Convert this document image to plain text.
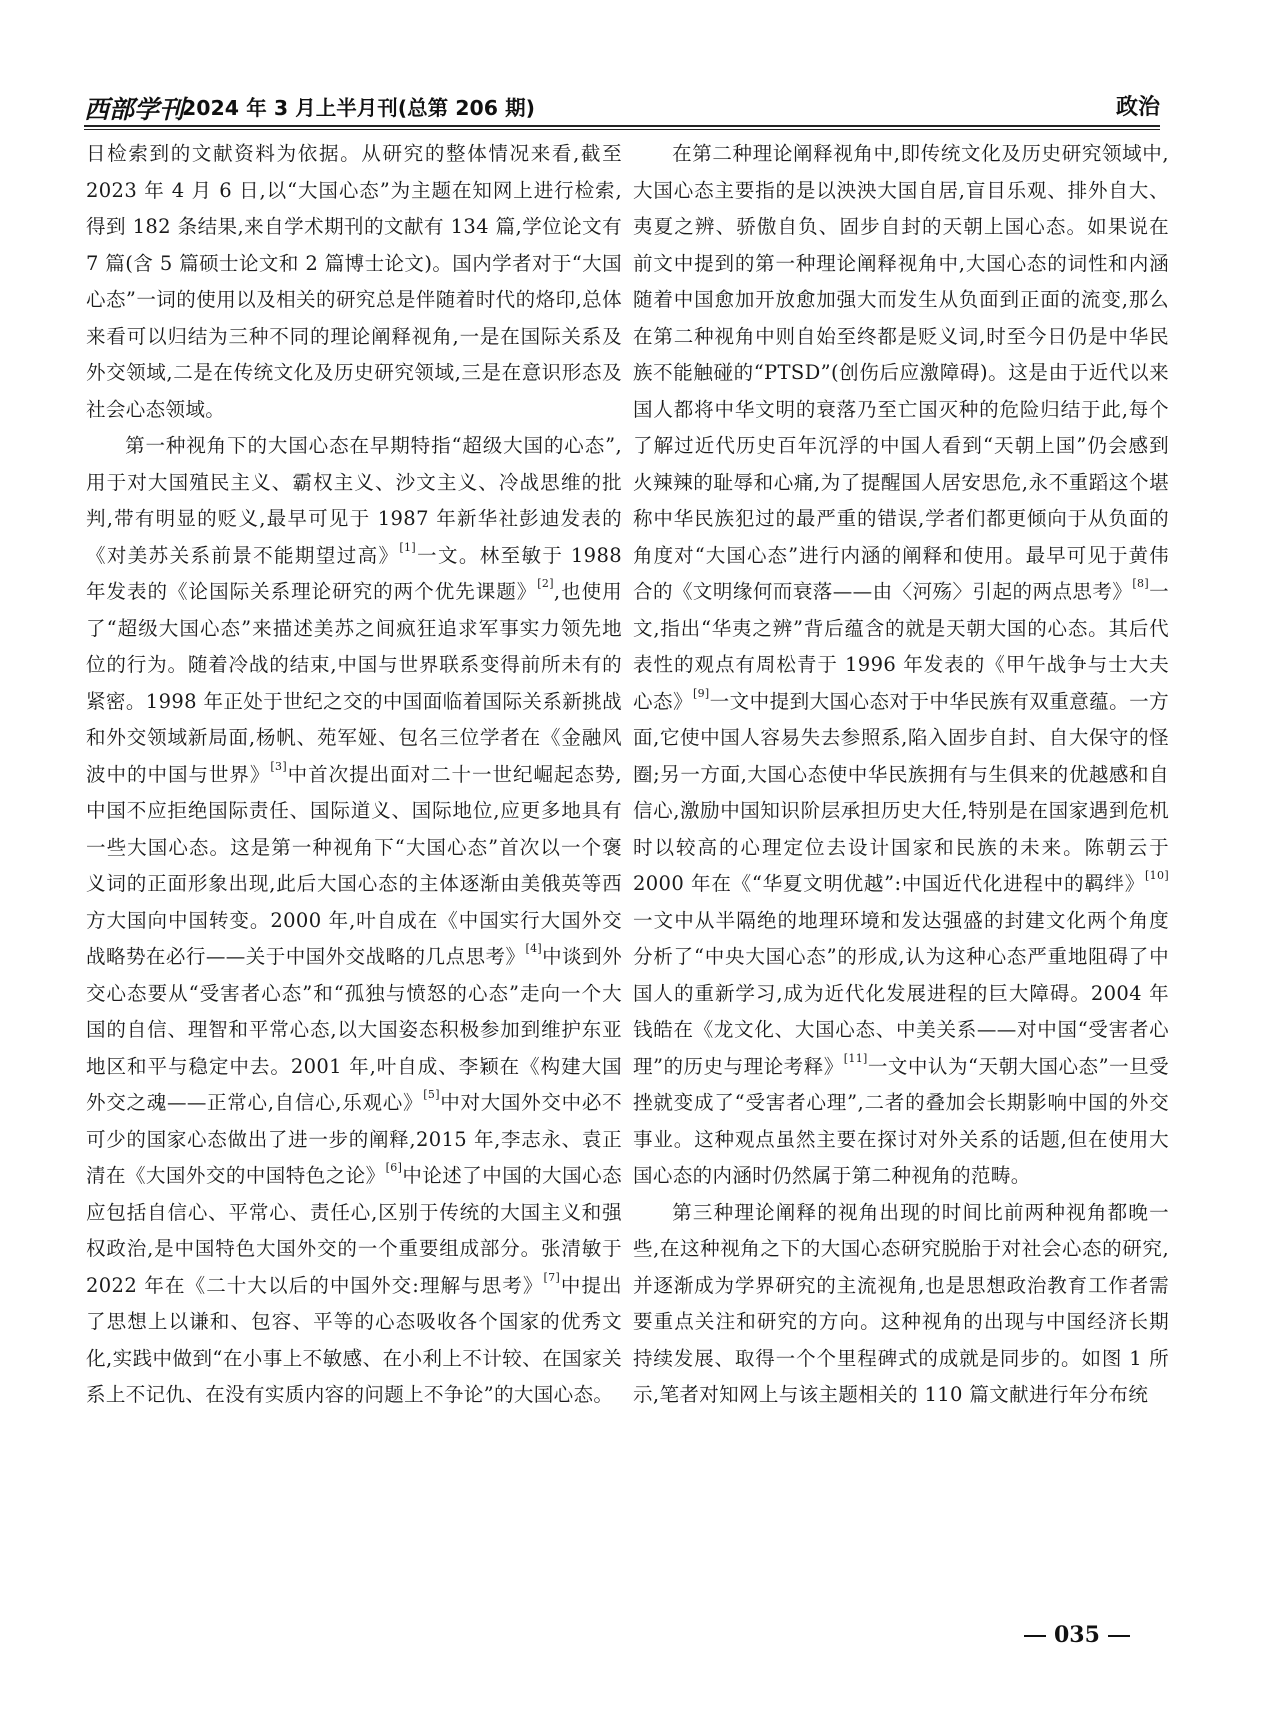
西部学刊
2024 年 3 月上半月刊(总第 206 期)	政治

日检索到的文献资料为依据。从研究的整体情况来看,截至 2023 年 4 月 6 日,以“大国心态”为主题在知网上进行检索,得到 182 条结果,来自学术期刊的文献有 134 篇,学位论文有 7 篇(含 5 篇硕士论文和 2 篇博士论文)。国内学者对于“大国心态”一词的使用以及相关的研究总是伴随着时代的烙印,总体来看可以归结为三种不同的理论阐释视角,一是在国际关系及外交领域,二是在传统文化及历史研究领域,三是在意识形态及社会心态领域。

第一种视角下的大国心态在早期特指“超级大国的心态”,用于对大国殖民主义、霸权主义、沙文主义、冷战思维的批判,带有明显的贬义,最早可见于 1987 年新华社彭迪发表的《对美苏关系前景不能期望过高》[1]一文。林至敏于 1988 年发表的《论国际关系理论研究的两个优先课题》[2],也使用了“超级大国心态”来描述美苏之间疯狂追求军事实力领先地位的行为。随着冷战的结束,中国与世界联系变得前所未有的紧密。1998 年正处于世纪之交的中国面临着国际关系新挑战和外交领域新局面,杨帆、苑军娅、包名三位学者在《金融风波中的中国与世界》[3]中首次提出面对二十一世纪崛起态势,中国不应拒绝国际责任、国际道义、国际地位,应更多地具有一些大国心态。这是第一种视角下“大国心态”首次以一个褒义词的正面形象出现,此后大国心态的主体逐渐由美俄英等西方大国向中国转变。2000 年,叶自成在《中国实行大国外交战略势在必行——关于中国外交战略的几点思考》[4]中谈到外交心态要从“受害者心态”和“孤独与愤怒的心态”走向一个大国的自信、理智和平常心态,以大国姿态积极参加到维护东亚地区和平与稳定中去。2001 年,叶自成、李颖在《构建大国外交之魂——正常心,自信心,乐观心》[5]中对大国外交中必不可少的国家心态做出了进一步的阐释,2015 年,李志永、袁正清在《大国外交的中国特色之论》[6]中论述了中国的大国心态应包括自信心、平常心、责任心,区别于传统的大国主义和强权政治,是中国特色大国外交的一个重要组成部分。张清敏于 2022 年在《二十大以后的中国外交:理解与思考》[7]中提出了思想上以谦和、包容、平等的心态吸收各个国家的优秀文化,实践中做到“在小事上不敏感、在小利上不计较、在国家关系上不记仇、在没有实质内容的问题上不争论”的大国心态。

在第二种理论阐释视角中,即传统文化及历史研究领域中,大国心态主要指的是以泱泱大国自居,盲目乐观、排外自大、夷夏之辨、骄傲自负、固步自封的天朝上国心态。如果说在前文中提到的第一种理论阐释视角中,大国心态的词性和内涵随着中国愈加开放愈加强大而发生从负面到正面的流变,那么在第二种视角中则自始至终都是贬义词,时至今日仍是中华民族不能触碰的“PTSD”(创伤后应激障碍)。这是由于近代以来国人都将中华文明的衰落乃至亡国灭种的危险归结于此,每个了解过近代历史百年沉浮的中国人看到“天朝上国”仍会感到火辣辣的耻辱和心痛,为了提醒国人居安思危,永不重蹈这个堪称中华民族犯过的最严重的错误,学者们都更倾向于从负面的角度对“大国心态”进行内涵的阐释和使用。最早可见于黄伟合的《文明缘何而衰落——由〈河殇〉引起的两点思考》[8]一文,指出“华夷之辨”背后蕴含的就是天朝大国的心态。其后代表性的观点有周松青于 1996 年发表的《甲午战争与士大夫心态》[9]一文中提到大国心态对于中华民族有双重意蕴。一方面,它使中国人容易失去参照系,陷入固步自封、自大保守的怪圈;另一方面,大国心态使中华民族拥有与生俱来的优越感和自信心,激励中国知识阶层承担历史大任,特别是在国家遇到危机时以较高的心理定位去设计国家和民族的未来。陈朝云于 2000 年在《“华夏文明优越”:中国近代化进程中的羁绊》[10]一文中从半隔绝的地理环境和发达强盛的封建文化两个角度分析了“中央大国心态”的形成,认为这种心态严重地阻碍了中国人的重新学习,成为近代化发展进程的巨大障碍。2004 年钱皓在《龙文化、大国心态、中美关系——对中国“受害者心理”的历史与理论考释》[11]一文中认为“天朝大国心态”一旦受挫就变成了“受害者心理”,二者的叠加会长期影响中国的外交事业。这种观点虽然主要在探讨对外关系的话题,但在使用大国心态的内涵时仍然属于第二种视角的范畴。

第三种理论阐释的视角出现的时间比前两种视角都晚一些,在这种视角之下的大国心态研究脱胎于对社会心态的研究,并逐渐成为学界研究的主流视角,也是思想政治教育工作者需要重点关注和研究的方向。这种视角的出现与中国经济长期持续发展、取得一个个里程碑式的成就是同步的。如图 1 所示,笔者对知网上与该主题相关的 110 篇文献进行年分布统

035
